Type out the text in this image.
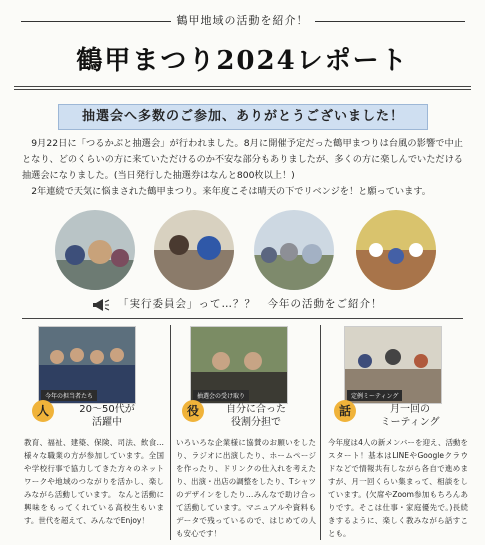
鶴甲地域の活動を紹介！
鶴甲まつり2024レポート
抽選会へ多数のご参加、ありがとうございました！

9月22日に「つるかぶと抽選会」が行われました。8月に開催予定だった鶴甲まつりは台風の影響で中止となり、どのくらいの方に来ていただけるのか不安な部分もありましたが、多くの方に楽しんでいただける抽選会になりました。(当日発行した抽選券はなんと800枚以上！)

2年連続で天気に悩まされた鶴甲まつり。来年度こそは晴天の下でリベンジを！と願っています。

「実行委員会」って…？？　今年の活動をご紹介！
今年の担当者たち
人	20～50代が
活躍中
教育、福祉、建築、保険、司法、飲食…様々な職業の方が参加しています。全国や学校行事で協力してきた方々のネットワークや地域のつながりを活かし、楽しみながら活動しています。 なんと活動に興味をもってくれている高校生もいます。世代を超えて、みんなでEnjoy！
抽選会の受け取り
役	自分に合った
役割分担で
いろいろな企業様に協賛のお願いをしたり、ラジオに出演したり、ホームページを作ったり、ドリンクの仕入れを考えたり、出演・出店の調整をしたり、Tシャツのデザインをしたり…みんなで助け合って活動しています。マニュアルや資料もデータで残っているので、はじめての人も安心です！
定例ミーティング
話	月一回の
ミーティング
今年度は4人の新メンバーを迎え、活動をスタート！基本はLINEやGoogleクラウドなどで情報共有しながら各自で進めますが、月一回くらい集まって、相談をしています。(欠席やZoom参加もちろんありです。そこは仕事・家庭優先で。)長続きするように、楽しく教みながら話すことも。
